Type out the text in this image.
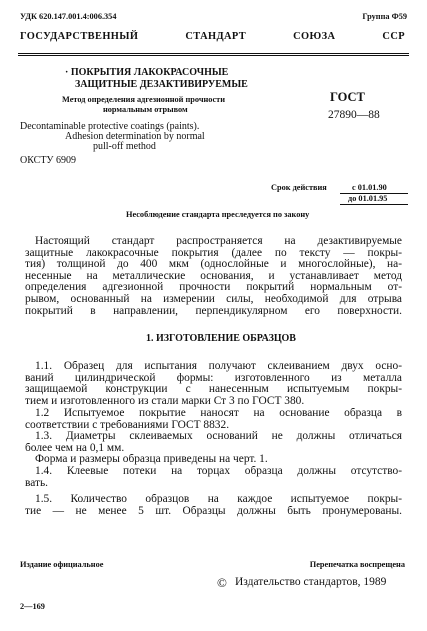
УДК 620.147.001.4:006.354	Группа Ф59
ГОСУДАРСТВЕННЫЙ СТАНДАРТ СОЮЗА ССР
· ПОКРЫТИЯ ЛАКОКРАСОЧНЫЕ
ЗАЩИТНЫЕ ДЕЗАКТИВИРУЕМЫЕ
Метод определения адгезионной прочности
нормальным отрывом
Decontaminable protective coatings (paints).
Adhesion determination by normal
pull-off method
ОКСТУ 6909
ГОСТ
27890—88
Срок действия	с 01.01.90
до 01.01.95
Несоблюдение стандарта преследуется по закону
Настоящий стандарт распространяется на дезактивируемые
защитные лакокрасочные покрытия (далее по тексту — покры-
тия) толщиной до 400 мкм (однослойные и многослойные), на-
несенные на металлические основания, и устанавливает метод
определения адгезионной прочности покрытий нормальным от-
рывом, основанный на измерении силы, необходимой для отрыва
покрытий в направлении, перпендикулярном его поверхности.
1. ИЗГОТОВЛЕНИЕ ОБРАЗЦОВ
1.1. Образец для испытания получают склеиванием двух осно-
ваний цилиндрической формы: изготовленного из металла
защищаемой конструкции с нанесенным испытуемым покры-
тием и изготовленного из стали марки Ст 3 по ГОСТ 380.
1.2 Испытуемое покрытие наносят на основание образца в
соответствии с требованиями ГОСТ 8832.
1.3. Диаметры склеиваемых оснований не должны отличаться
более чем на 0,1 мм.
Форма и размеры образца приведены на черт. 1.
1.4. Клеевые потеки на торцах образца должны отсутство-
вать.
1.5. Количество образцов на каждое испытуемое покры-
тие — не менее 5 шт. Образцы должны быть пронумерованы.
Издание официальное	Перепечатка воспрещена
© Издательство стандартов, 1989
2—169
